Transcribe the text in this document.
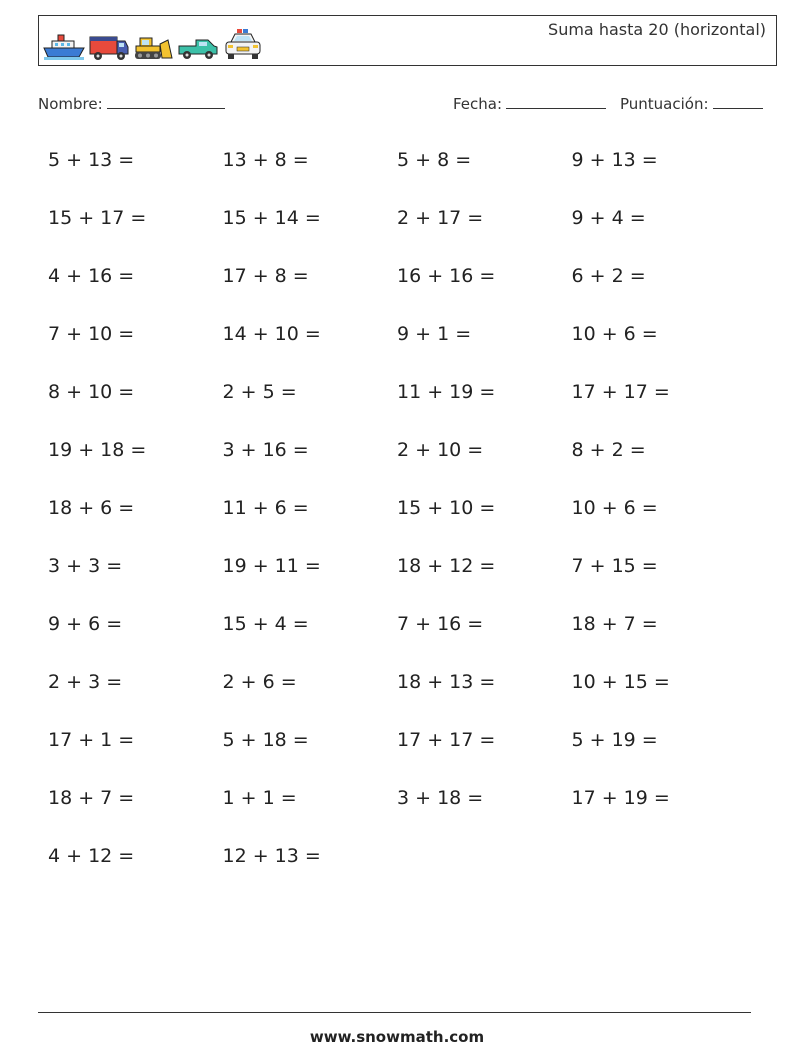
Suma hasta 20 (horizontal)
Nombre:	Fecha:	Puntuación:
5 + 13 =	13 + 8 =	5 + 8 =	9 + 13 =
15 + 17 =	15 + 14 =	2 + 17 =	9 + 4 =
4 + 16 =	17 + 8 =	16 + 16 =	6 + 2 =
7 + 10 =	14 + 10 =	9 + 1 =	10 + 6 =
8 + 10 =	2 + 5 =	11 + 19 =	17 + 17 =
19 + 18 =	3 + 16 =	2 + 10 =	8 + 2 =
18 + 6 =	11 + 6 =	15 + 10 =	10 + 6 =
3 + 3 =	19 + 11 =	18 + 12 =	7 + 15 =
9 + 6 =	15 + 4 =	7 + 16 =	18 + 7 =
2 + 3 =	2 + 6 =	18 + 13 =	10 + 15 =
17 + 1 =	5 + 18 =	17 + 17 =	5 + 19 =
18 + 7 =	1 + 1 =	3 + 18 =	17 + 19 =
4 + 12 =	12 + 13 =
www.snowmath.com
